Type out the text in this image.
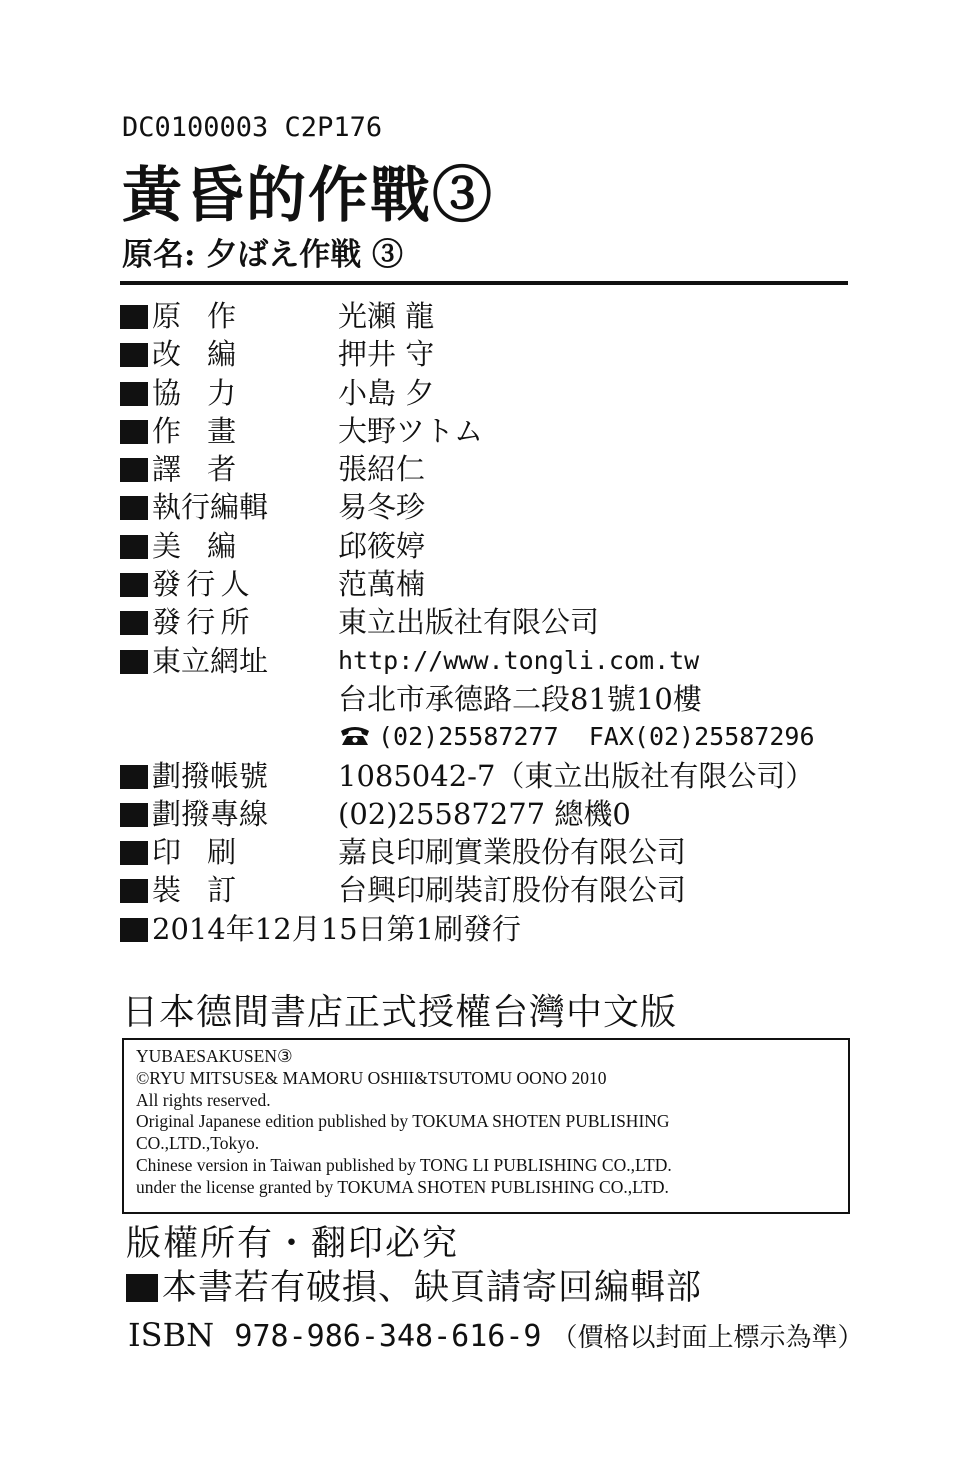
DC0100003 C2P176
黃昏的作戰③
原名: 夕ばえ作戦 ③
原作	光瀬 龍
改編	押井 守
協力	小島 夕
作畫	大野ツトム
譯者	張紹仁
執行編輯	易冬珍
美編	邱筱婷
發行人	范萬楠
發行所	東立出版社有限公司
東立網址	http://www.tongli.com.tw
台北市承德路二段81號10樓
(02)25587277 FAX(02)25587296
劃撥帳號	1085042-7（東立出版社有限公司）
劃撥專線	(02)25587277 總機0
印刷	嘉良印刷實業股份有限公司
裝訂	台興印刷裝訂股份有限公司
2014年12月15日第1刷發行
日本德間書店正式授權台灣中文版
YUBAESAKUSEN③
©RYU MITSUSE& MAMORU OSHII&TSUTOMU OONO 2010
All rights reserved.
Original Japanese edition published by TOKUMA SHOTEN PUBLISHING
CO.,LTD.,Tokyo.
Chinese version in Taiwan published by TONG LI PUBLISHING CO.,LTD.
under the license granted by TOKUMA SHOTEN PUBLISHING CO.,LTD.
版權所有・翻印必究
本書若有破損、缺頁請寄回編輯部
ISBN 978-986-348-616-9 （價格以封面上標示為準）
